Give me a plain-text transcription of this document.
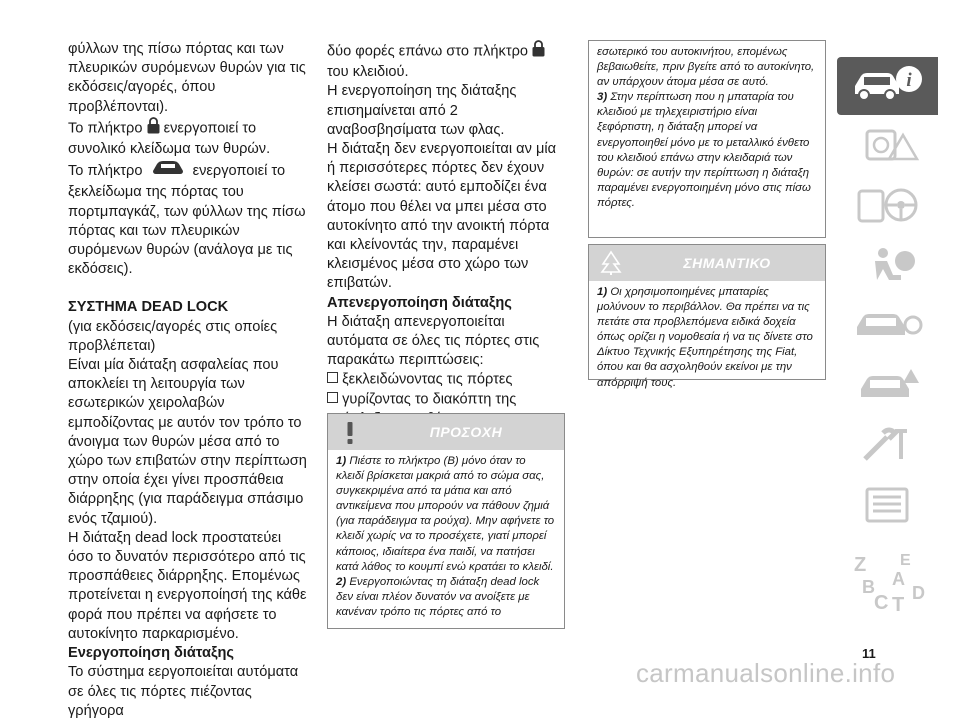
φύλλων της πίσω πόρτας και των πλευρικών συρόμενων θυρών για τις εκδόσεις/αγορές, όπου προβλέπονται).

Το πλήκτρο ενεργοποιεί το συνολικό κλείδωμα των θυρών.

Το πλήκτρο	ενεργοποιεί το ξεκλείδωμα της πόρτας του πορτμπαγκάζ, των φύλλων της πίσω πόρτας και των πλευρικών συρόμενων θυρών (ανάλογα με τις εκδόσεις).

ΣΥΣΤΗΜΑ DEAD LOCK

(για εκδόσεις/αγορές στις οποίες προβλέπεται)

Είναι μία διάταξη ασφαλείας που αποκλείει τη λειτουργία των εσωτερικών χειρολαβών εμποδίζοντας με αυτόν τον τρόπο το άνοιγμα των θυρών μέσα από το χώρο των επιβατών στην περίπτωση στην οποία έχει γίνει προσπάθεια διάρρηξης (για παράδειγμα σπάσιμο ενός τζαμιού).

Η διάταξη dead lock προστατεύει όσο το δυνατόν περισσότερο από τις προσπάθειες διάρρηξης. Επομένως προτείνεται η ενεργοποίησή της κάθε φορά που πρέπει να αφήσετε το αυτοκίνητο παρκαρισμένο.

Ενεργοποίηση διάταξης

Το σύστημα εεργοποιείται αυτόματα σε όλες τις πόρτες πιέζοντας γρήγορα

δύο φορές επάνω στο πλήκτρο  του κλειδιού.

Η ενεργοποίηση της διάταξης επισημαίνεται από 2 αναβοσβησίματα των φλας.

Η διάταξη δεν ενεργοποιείται αν μία ή περισσότερες πόρτες δεν έχουν κλείσει σωστά: αυτό εμποδίζει ένα άτομο που θέλει να μπει μέσα στο αυτοκίνητο από την ανοικτή πόρτα και κλείνοντάς την, παραμένει κλεισμένος μέσα στο χώρο των επιβατών.

Απενεργοποίηση διάταξης

Η διάταξη απενεργοποιείται αυτόματα σε όλες τις πόρτες στις παρακάτω περιπτώσεις:

ξεκλειδώνοντας τις πόρτες

γυρίζοντας το διακόπτη της

ΠΡΟΣΟΧΗ

1) Πιέστε το πλήκτρο (B) μόνο όταν το κλειδί βρίσκεται μακριά από το σώμα σας, συγκεκριμένα από τα μάτια και από αντικείμενα που μπορούν να πάθουν ζημιά (για παράδειγμα τα ρούχα). Μην αφήνετε το κλειδί χωρίς να το προσέχετε, γιατί μπορεί κάποιος, ιδιαίτερα ένα παιδί, να πατήσει κατά λάθος το κουμπί ενώ κρατάει το κλειδί.

2) Ενεργοποιώντας τη διάταξη dead lock δεν είναι πλέον δυνατόν να ανοίξετε με κανέναν τρόπο τις πόρτες από το

εσωτερικό του αυτοκινήτου, επομένως βεβαιωθείτε, πριν βγείτε από το αυτοκίνητο, αν υπάρχουν άτομα μέσα σε αυτό.

3) Στην περίπτωση που η μπαταρία του κλειδιού με τηλεχειριστήριο είναι ξεφόρτιστη, η διάταξη μπορεί να ενεργοποιηθεί μόνο με το μεταλλικό ένθετο του κλειδιού επάνω στην κλειδαριά των θυρών: σε αυτήν την περίπτωση η διάταξη παραμένει ενεργοποιημένη μόνο στις πίσω πόρτες.

ΣΗΜΑΝΤΙΚΟ

1) Οι χρησιμοποιημένες μπαταρίες μολύνουν το περιβάλλον. Θα πρέπει να τις πετάτε στα προβλεπόμενα ειδικά δοχεία όπως ορίζει η νομοθεσία ή να τις δίνετε στο Δίκτυο Τεχνικής Εξυπηρέτησης της Fiat, όπου και θα ασχοληθούν εκείνοι με την απόρριψή τους.

i
Z E
B A
C D
T
11
carmanualsonline.info
